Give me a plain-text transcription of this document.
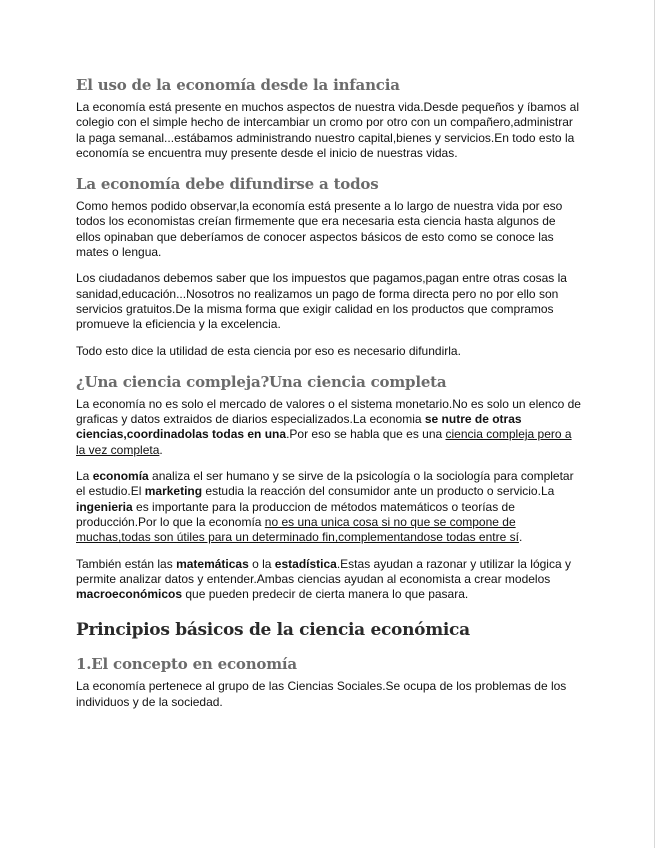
El uso de la economía desde la infancia

La economía está presente en muchos aspectos de nuestra vida.Desde pequeños y íbamos al colegio con el simple hecho de intercambiar un cromo por otro con un compañero,administrar la paga semanal...estábamos administrando nuestro capital,bienes y servicios.En todo esto la economía se encuentra muy presente desde el inicio de nuestras vidas.

La economía debe difundirse a todos

Como hemos podido observar,la economía está presente a lo largo de nuestra vida por eso todos los economistas creían firmemente que era necesaria esta ciencia hasta algunos de ellos opinaban que deberíamos de conocer aspectos básicos de esto como se conoce las mates o lengua.

Los ciudadanos debemos saber que los impuestos que pagamos,pagan entre otras cosas la sanidad,educación...Nosotros no realizamos un pago de forma directa pero no por ello son servicios gratuitos.De la misma forma que exigir calidad en los productos que compramos promueve la eficiencia y la excelencia.

Todo esto dice la utilidad de esta ciencia por eso es necesario difundirla.

¿Una ciencia compleja?Una ciencia completa

La economía no es solo el mercado de valores o el sistema monetario.No es solo un elenco de graficas y datos extraidos de diarios especializados.La economia se nutre de otras ciencias,coordinadolas todas en una.Por eso se habla que es una ciencia compleja pero a la vez completa.

La economía analiza el ser humano y se sirve de la psicología o la sociología para completar el estudio.El marketing estudia la reacción del consumidor ante un producto o servicio.La ingenieria es importante para la produccion de métodos matemáticos o teorías de producción.Por lo que la economía no es una unica cosa si no que se compone de muchas,todas son útiles para un determinado fin,complementandose todas entre sí.

También están las matemáticas o la estadística.Estas ayudan a razonar y utilizar la lógica y permite analizar datos y entender.Ambas ciencias ayudan al economista a crear modelos macroeconómicos que pueden predecir de cierta manera lo que pasara.

Principios básicos de la ciencia económica
1.El concepto en economía

La economía pertenece al grupo de las Ciencias Sociales.Se ocupa de los problemas de los individuos y de la sociedad.
